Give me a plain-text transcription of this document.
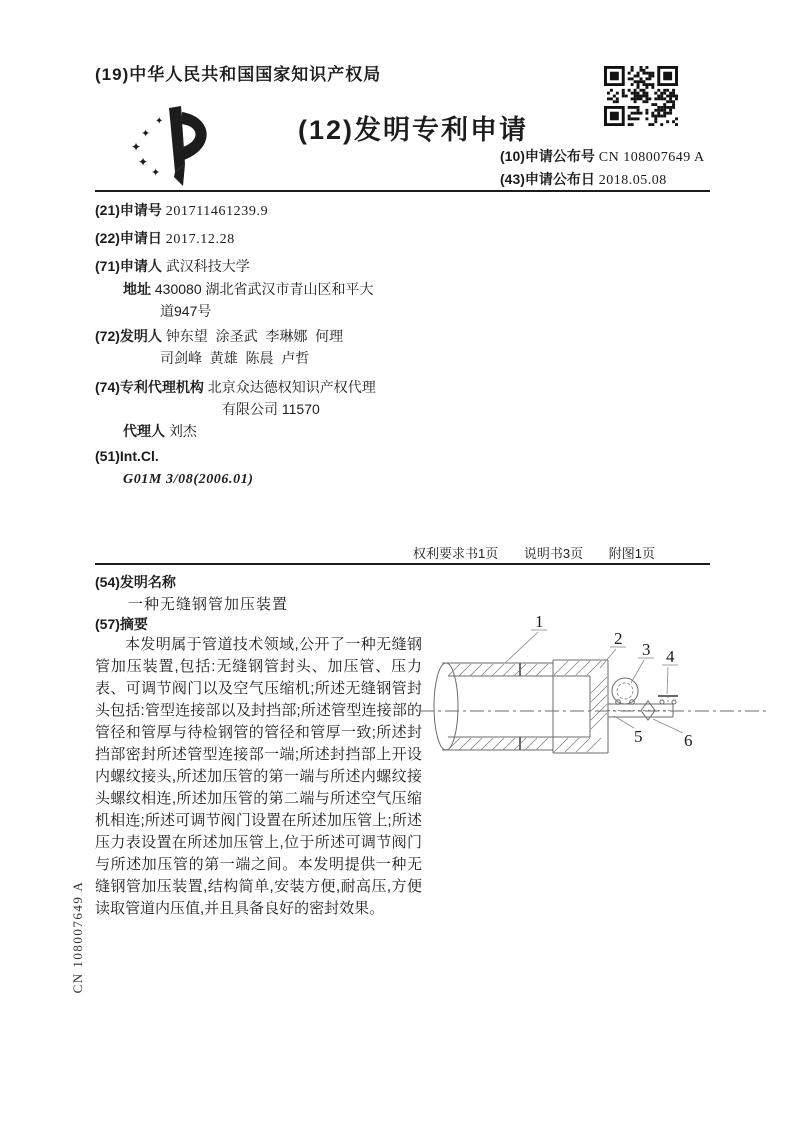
(19)中华人民共和国国家知识产权局
✦
✦
✦
✦
✦
(12)发明专利申请
(10)申请公布号 CN 108007649 A
(43)申请公布日 2018.05.08
(21)申请号 201711461239.9
(22)申请日 2017.12.28
(71)申请人 武汉科技大学
地址 430080 湖北省武汉市青山区和平大
道947号
(72)发明人 钟东望  涂圣武  李琳娜  何理
司剑峰  黄雄  陈晨  卢哲
(74)专利代理机构 北京众达德权知识产权代理
有限公司 11570
代理人 刘杰
(51)Int.Cl.
G01M 3/08(2006.01)
权利要求书1页 说明书3页 附图1页
(54)发明名称
一种无缝钢管加压装置
(57)摘要
本发明属于管道技术领域,公开了一种无缝钢管加压装置,包括:无缝钢管封头、加压管、压力表、可调节阀门以及空气压缩机;所述无缝钢管封头包括:管型连接部以及封挡部;所述管型连接部的管径和管厚与待检钢管的管径和管厚一致;所述封挡部密封所述管型连接部一端;所述封挡部上开设内螺纹接头,所述加压管的第一端与所述内螺纹接头螺纹相连,所述加压管的第二端与所述空气压缩机相连;所述可调节阀门设置在所述加压管上;所述压力表设置在所述加压管上,位于所述可调节阀门与所述加压管的第一端之间。本发明提供一种无缝钢管加压装置,结构简单,安装方便,耐高压,方便读取管道内压值,并且具备良好的密封效果。
1
2
3 4
5 6
CN 108007649 A
